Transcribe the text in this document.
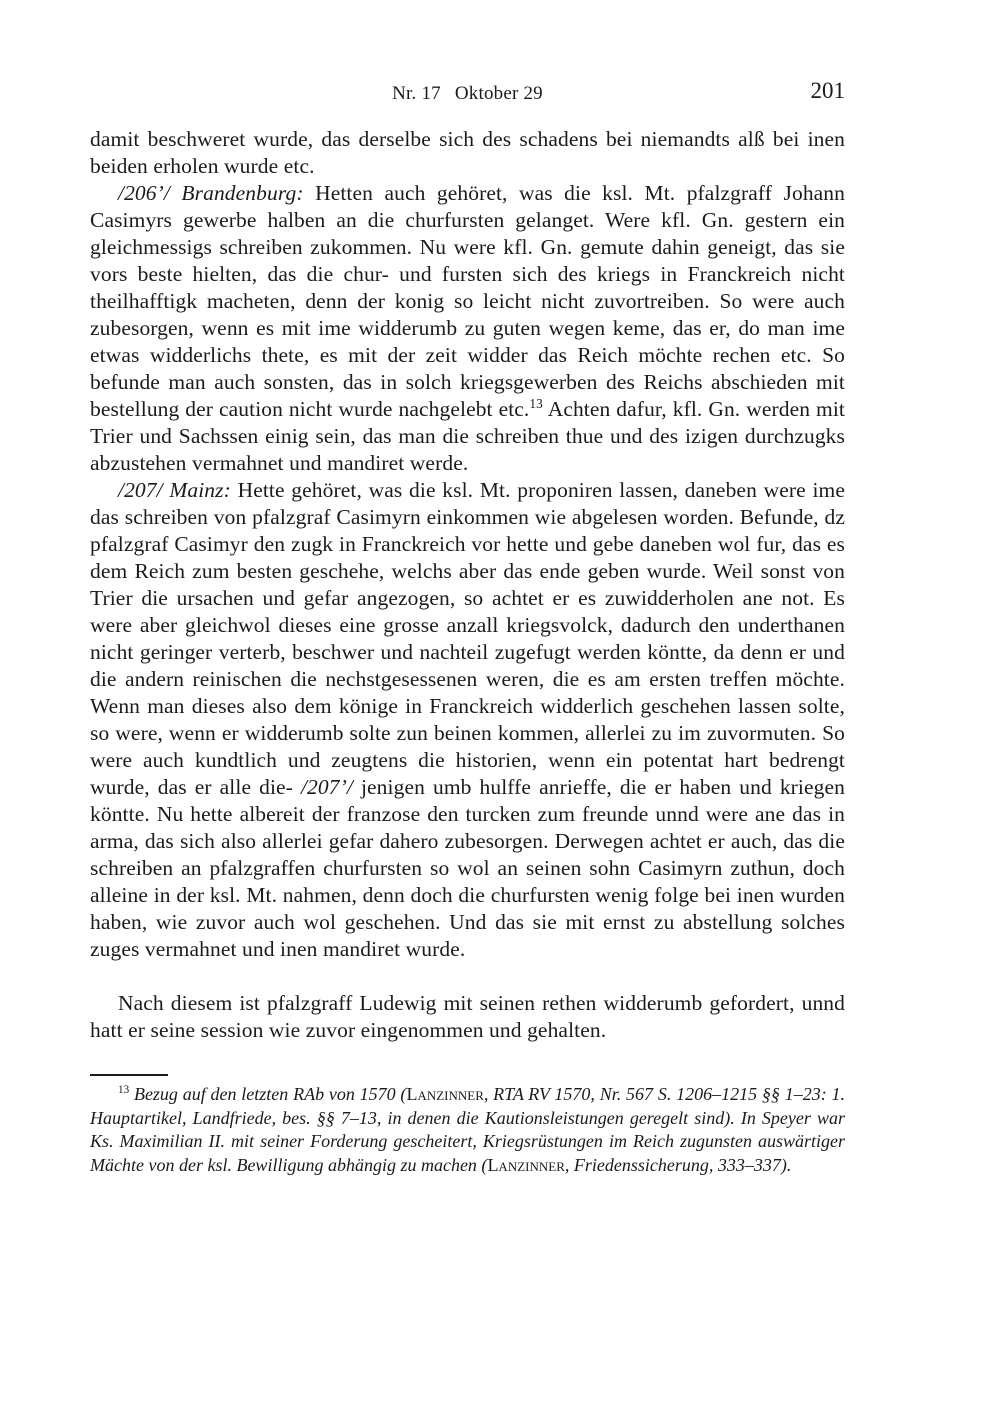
Nr. 17 Oktober 29	201

damit beschweret wurde, das derselbe sich des schadens bei niemandts alß bei inen beiden erholen wurde etc.

/206’/ Brandenburg: Hetten auch gehöret, was die ksl. Mt. pfalzgraff Johann Casimyrs gewerbe halben an die churfursten gelanget. Were kfl. Gn. gestern ein gleichmessigs schreiben zukommen. Nu were kfl. Gn. gemute dahin geneigt, das sie vors beste hielten, das die chur- und fursten sich des kriegs in Franckreich nicht theilhafftigk macheten, denn der konig so leicht nicht zuvortreiben. So were auch zubesorgen, wenn es mit ime widderumb zu guten wegen keme, das er, do man ime etwas widderlichs thete, es mit der zeit widder das Reich möchte rechen etc. So befunde man auch sonsten, das in solch kriegsgewerben des Reichs abschieden mit bestellung der caution nicht wurde nachgelebt etc.$^{13}$ Achten dafur, kfl. Gn. werden mit Trier und Sachssen einig sein, das man die schreiben thue und des izigen durchzugks abzustehen vermahnet und mandiret werde.

/207/ Mainz: Hette gehöret, was die ksl. Mt. proponiren lassen, daneben were ime das schreiben von pfalzgraf Casimyrn einkommen wie abgelesen worden. Befunde, dz pfalzgraf Casimyr den zugk in Franckreich vor hette und gebe daneben wol fur, das es dem Reich zum besten geschehe, welchs aber das ende geben wurde. Weil sonst von Trier die ursachen und gefar angezogen, so achtet er es zuwidderholen ane not. Es were aber gleichwol dieses eine grosse anzall kriegsvolck, dadurch den underthanen nicht geringer verterb, beschwer und nachteil zugefugt werden köntte, da denn er und die andern reinischen die nechstgesessenen weren, die es am ersten treffen möchte. Wenn man dieses also dem könige in Franckreich widderlich geschehen lassen solte, so were, wenn er widderumb solte zun beinen kommen, allerlei zu im zuvormuten. So were auch kundtlich und zeugtens die historien, wenn ein potentat hart bedrengt wurde, das er alle die- /207’/ jenigen umb hulffe anrieffe, die er haben und kriegen köntte. Nu hette albereit der franzose den turcken zum freunde unnd were ane das in arma, das sich also allerlei gefar dahero zubesorgen. Derwegen achtet er auch, das die schreiben an pfalzgraffen churfursten so wol an seinen sohn Casimyrn zuthun, doch alleine in der ksl. Mt. nahmen, denn doch die churfursten wenig folge bei inen wurden haben, wie zuvor auch wol geschehen. Und das sie mit ernst zu abstellung solches zuges vermahnet und inen mandiret wurde.

Nach diesem ist pfalzgraff Ludewig mit seinen rethen widderumb gefordert, unnd hatt er seine session wie zuvor eingenommen und gehalten.

$^{13}$ Bezug auf den letzten RAb von 1570 (Lanzinner, RTA RV 1570, Nr. 567 S. 1206–1215 §§ 1–23: 1. Hauptartikel, Landfriede, bes. §§ 7–13, in denen die Kautionsleistungen geregelt sind). In Speyer war Ks. Maximilian II. mit seiner Forderung gescheitert, Kriegsrüstungen im Reich zugunsten auswärtiger Mächte von der ksl. Bewilligung abhängig zu machen (Lanzinner, Friedenssicherung, 333–337).
